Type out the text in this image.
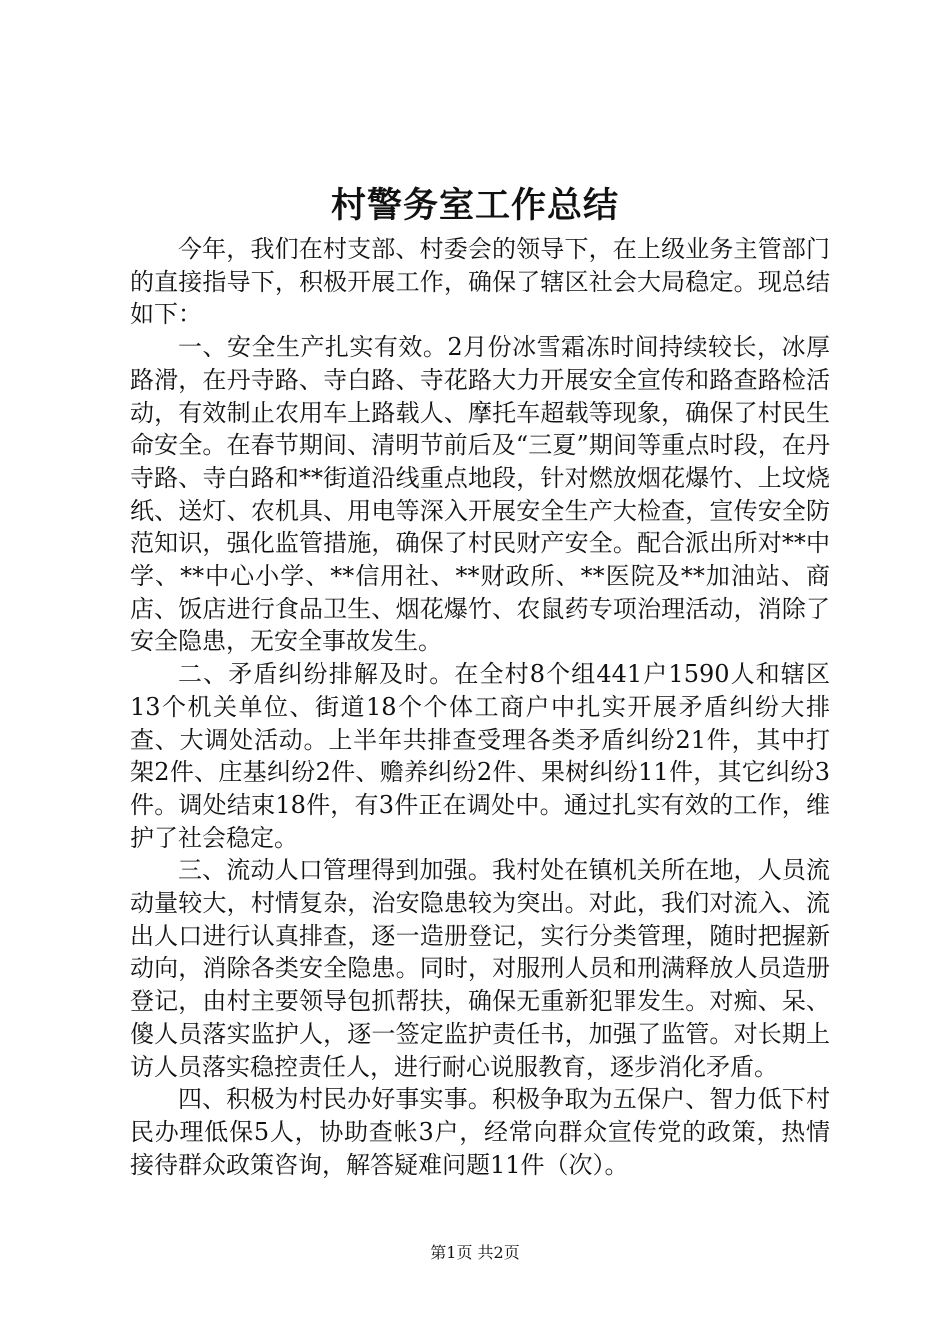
村警务室工作总结

今年，我们在村支部、村委会的领导下，在上级业务主管部门的直接指导下，积极开展工作，确保了辖区社会大局稳定。现总结如下：

一、安全生产扎实有效。2月份冰雪霜冻时间持续较长，冰厚路滑，在丹寺路、寺白路、寺花路大力开展安全宣传和路查路检活动，有效制止农用车上路载人、摩托车超载等现象，确保了村民生命安全。在春节期间、清明节前后及“三夏”期间等重点时段，在丹寺路、寺白路和**街道沿线重点地段，针对燃放烟花爆竹、上坟烧纸、送灯、农机具、用电等深入开展安全生产大检查，宣传安全防范知识，强化监管措施，确保了村民财产安全。配合派出所对**中学、**中心小学、**信用社、**财政所、**医院及**加油站、商店、饭店进行食品卫生、烟花爆竹、农鼠药专项治理活动，消除了安全隐患，无安全事故发生。

二、矛盾纠纷排解及时。在全村8个组441户1590人和辖区13个机关单位、街道18个个体工商户中扎实开展矛盾纠纷大排查、大调处活动。上半年共排查受理各类矛盾纠纷21件，其中打架2件、庄基纠纷2件、赡养纠纷2件、果树纠纷11件，其它纠纷3件。调处结束18件，有3件正在调处中。通过扎实有效的工作，维护了社会稳定。

三、流动人口管理得到加强。我村处在镇机关所在地，人员流动量较大，村情复杂，治安隐患较为突出。对此，我们对流入、流出人口进行认真排查，逐一造册登记，实行分类管理，随时把握新动向，消除各类安全隐患。同时，对服刑人员和刑满释放人员造册登记，由村主要领导包抓帮扶，确保无重新犯罪发生。对痴、呆、傻人员落实监护人，逐一签定监护责任书，加强了监管。对长期上访人员落实稳控责任人，进行耐心说服教育，逐步消化矛盾。

四、积极为村民办好事实事。积极争取为五保户、智力低下村民办理低保5人，协助查帐3户，经常向群众宣传党的政策，热情接待群众政策咨询，解答疑难问题11件（次）。

第1页 共2页
